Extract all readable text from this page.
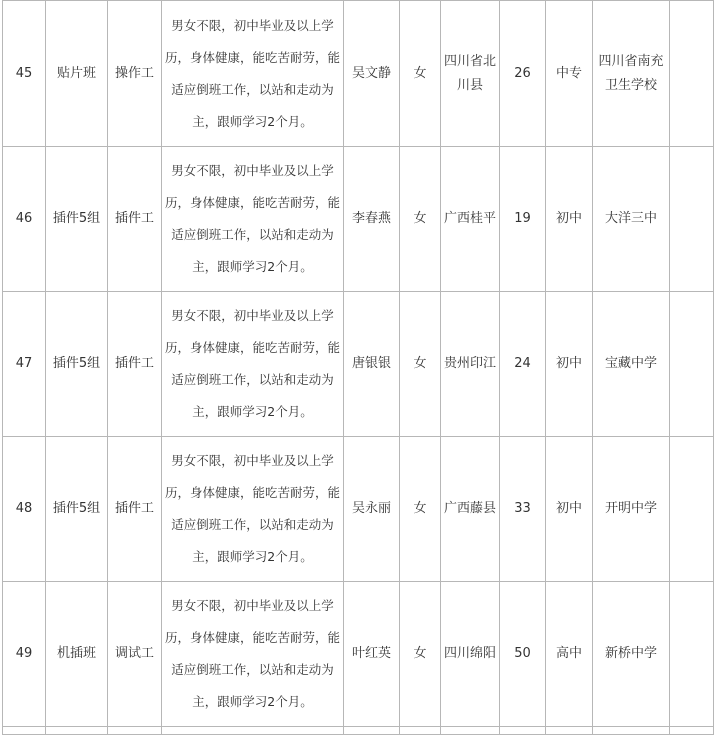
45	贴片班	操作工	男女不限，初中毕业及以上学历，身体健康，能吃苦耐劳，能适应倒班工作，以站和走动为主，跟师学习2个月。	吴文静	女	四川省北川县	26	中专	四川省南充卫生学校	
46	插件5组	插件工	男女不限，初中毕业及以上学历，身体健康，能吃苦耐劳，能适应倒班工作，以站和走动为主，跟师学习2个月。	李春燕	女	广西桂平	19	初中	大洋三中	
47	插件5组	插件工	男女不限，初中毕业及以上学历，身体健康，能吃苦耐劳，能适应倒班工作，以站和走动为主，跟师学习2个月。	唐银银	女	贵州印江	24	初中	宝藏中学	
48	插件5组	插件工	男女不限，初中毕业及以上学历，身体健康，能吃苦耐劳，能适应倒班工作，以站和走动为主，跟师学习2个月。	吴永丽	女	广西藤县	33	初中	开明中学	
49	机插班	调试工	男女不限，初中毕业及以上学历，身体健康，能吃苦耐劳，能适应倒班工作，以站和走动为主，跟师学习2个月。	叶红英	女	四川绵阳	50	高中	新桥中学	
